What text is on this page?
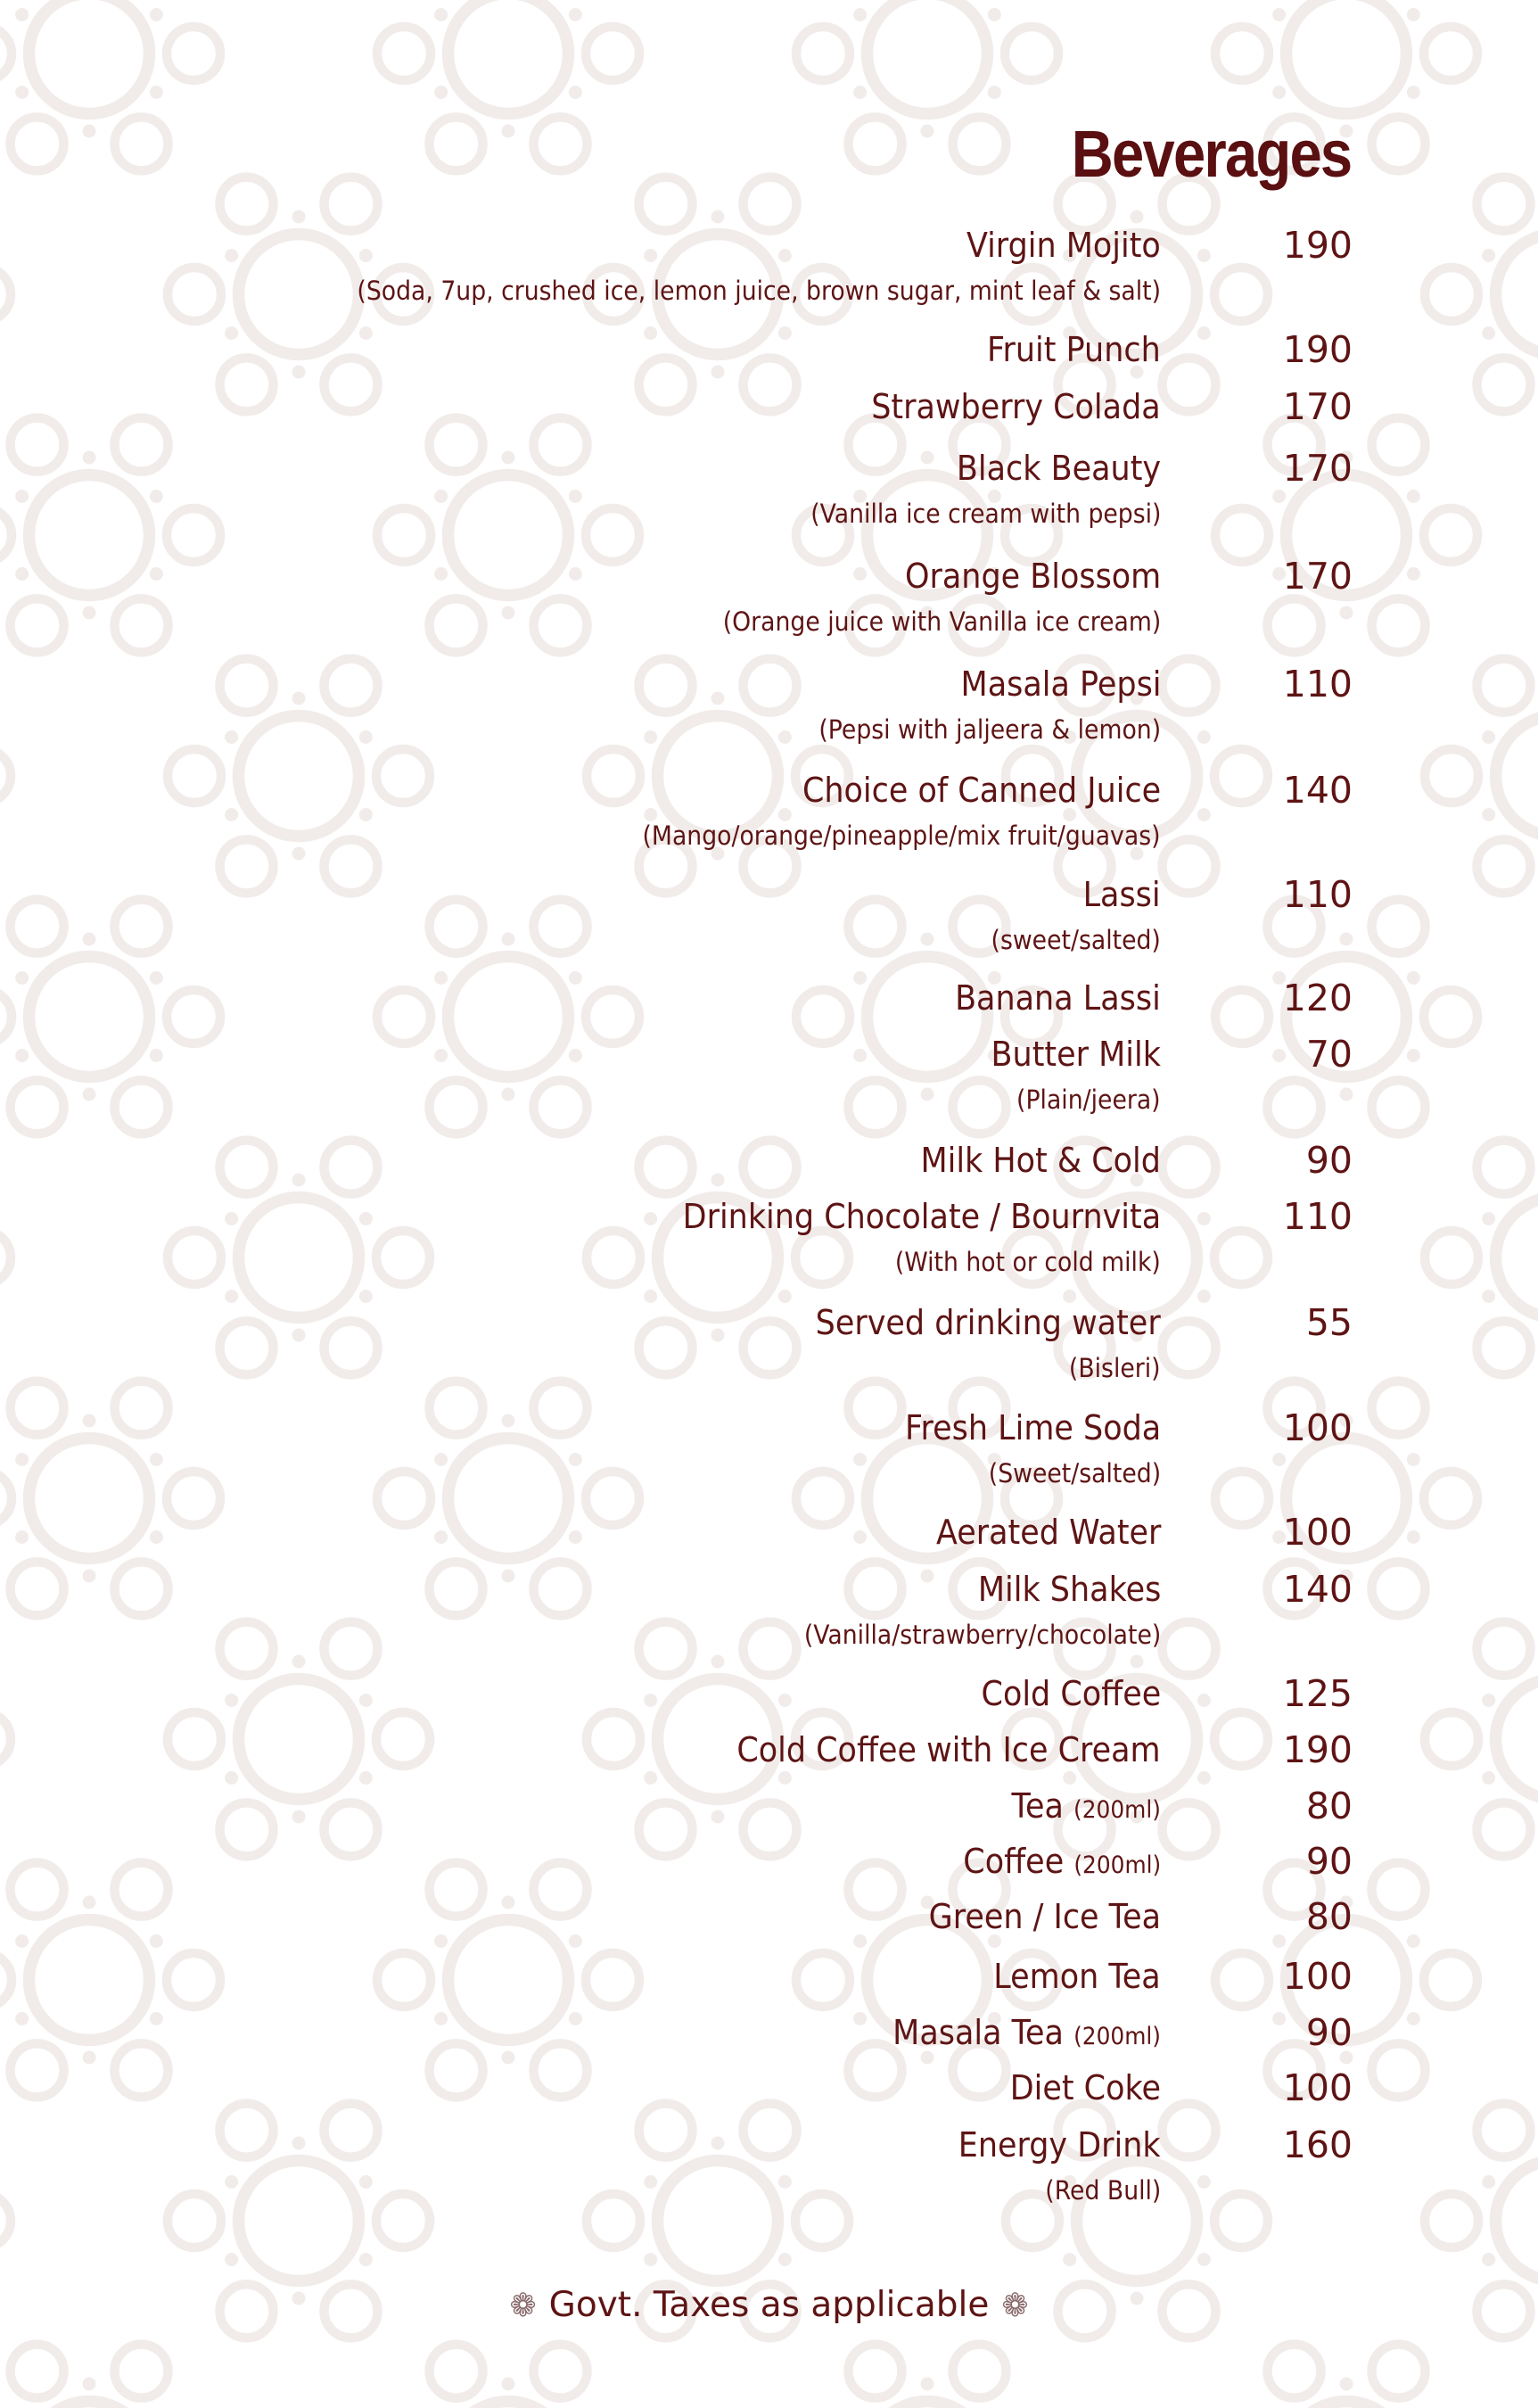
Beverages
Virgin Mojito	190
(Soda, 7up, crushed ice, lemon juice, brown sugar, mint leaf & salt)
Fruit Punch	190
Strawberry Colada	170
Black Beauty	170
(Vanilla ice cream with pepsi)
Orange Blossom	170
(Orange juice with Vanilla ice cream)
Masala Pepsi	110
(Pepsi with jaljeera & lemon)
Choice of Canned Juice	140
(Mango/orange/pineapple/mix fruit/guavas)
Lassi	110
(sweet/salted)
Banana Lassi	120
Butter Milk	70
(Plain/jeera)
Milk Hot & Cold	90
Drinking Chocolate / Bournvita	110
(With hot or cold milk)
Served drinking water	55
(Bisleri)
Fresh Lime Soda	100
(Sweet/salted)
Aerated Water	100
Milk Shakes	140
(Vanilla/strawberry/chocolate)
Cold Coffee	125
Cold Coffee with Ice Cream	190
Tea (200ml)	80
Coffee (200ml)	90
Green / Ice Tea	80
Lemon Tea	100
Masala Tea (200ml)	90
Diet Coke	100
Energy Drink	160
(Red Bull)
❁ Govt. Taxes as applicable ❁
